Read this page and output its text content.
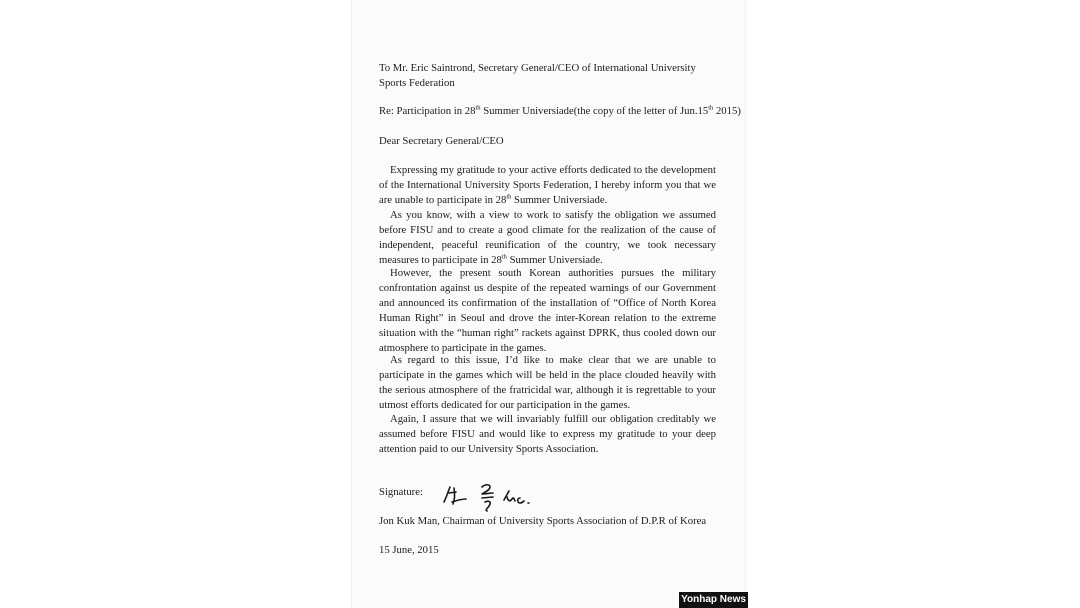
To Mr. Eric Saintrond, Secretary General/CEO of International University
Sports Federation
Re: Participation in 28th Summer Universiade(the copy of the letter of Jun.15th 2015)
Dear Secretary General/CEO
Expressing my gratitude to your active efforts dedicated to the development of the International University Sports Federation, I hereby inform you that we are unable to participate in 28th Summer Universiade.
As you know, with a view to work to satisfy the obligation we assumed before FISU and to create a good climate for the realization of the cause of independent, peaceful reunification of the country, we took necessary measures to participate in 28th Summer Universiade.
However, the present south Korean authorities pursues the military confrontation against us despite of the repeated warnings of our Government and announced its confirmation of the installation of “Office of North Korea Human Right” in Seoul and drove the inter-Korean relation to the extreme situation with the “human right” rackets against DPRK, thus cooled down our atmosphere to participate in the games.
As regard to this issue, I’d like to make clear that we are unable to participate in the games which will be held in the place clouded heavily with the serious atmosphere of the fratricidal war, although it is regrettable to your utmost efforts dedicated for our participation in the games.
Again, I assure that we will invariably fulfill our obligation creditably we assumed before FISU and would like to express my gratitude to your deep attention paid to our University Sports Association.
Signature:
Jon Kuk Man, Chairman of University Sports Association of D.P.R of Korea
15 June, 2015
Yonhap News
